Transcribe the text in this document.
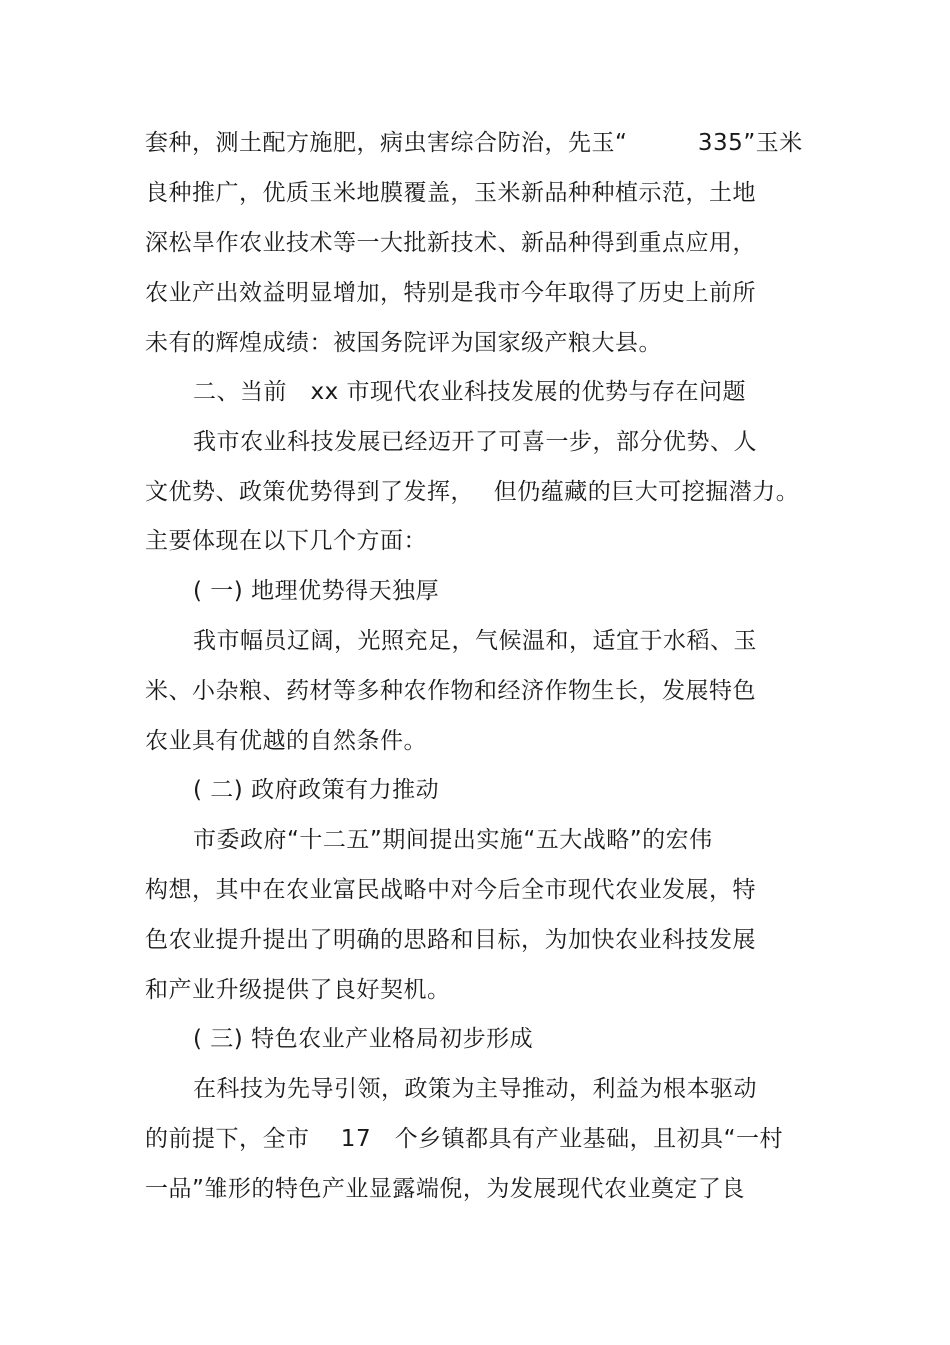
套种，测土配方施肥，病虫害综合防治，先玉“　　　335”玉米
良种推广，优质玉米地膜覆盖，玉米新品种种植示范，土地
深松旱作农业技术等一大批新技术、新品种得到重点应用，
农业产出效益明显增加，特别是我市今年取得了历史上前所
未有的辉煌成绩：被国务院评为国家级产粮大县。
二、当前　xx 市现代农业科技发展的优势与存在问题
我市农业科技发展已经迈开了可喜一步，部分优势、人
文优势、政策优势得到了发挥，　 但仍蕴藏的巨大可挖掘潜力。
主要体现在以下几个方面：
( 一) 地理优势得天独厚
我市幅员辽阔，光照充足，气候温和，适宜于水稻、玉
米、小杂粮、药材等多种农作物和经济作物生长，发展特色
农业具有优越的自然条件。
( 二) 政府政策有力推动
市委政府“十二五”期间提出实施“五大战略”的宏伟
构想，其中在农业富民战略中对今后全市现代农业发展，特
色农业提升提出了明确的思路和目标，为加快农业科技发展
和产业升级提供了良好契机。
( 三) 特色农业产业格局初步形成
在科技为先导引领，政策为主导推动，利益为根本驱动
的前提下，全市　 17　个乡镇都具有产业基础，且初具“一村
一品”雏形的特色产业显露端倪，为发展现代农业奠定了良
